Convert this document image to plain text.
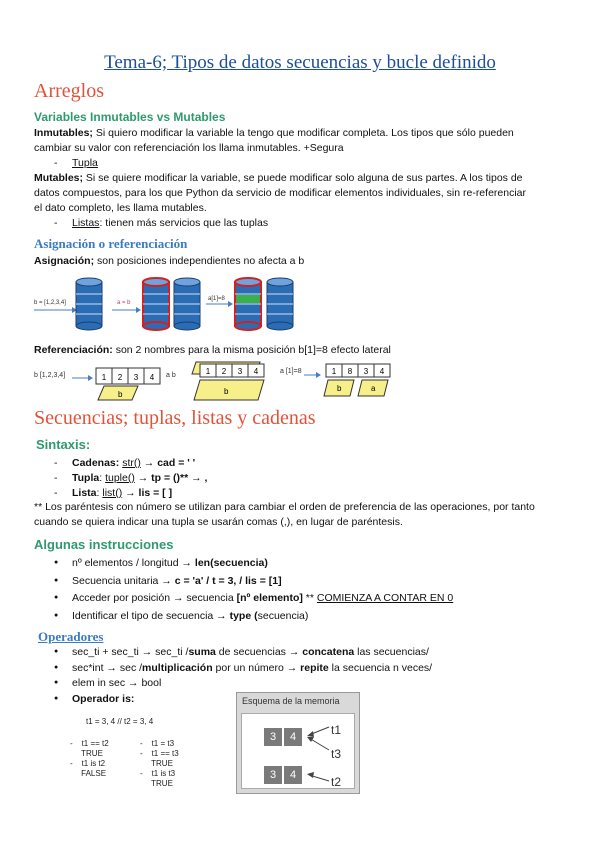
Tema-6; Tipos de datos secuencias y bucle definido
Arreglos
Variables Inmutables vs Mutables
Inmutables; Si quiero modificar la variable la tengo que modificar completa. Los tipos que sólo pueden
cambiar su valor con referenciación los llama inmutables. +Segura
- Tupla
Mutables; Si se quiere modificar la variable, se puede modificar solo alguna de sus partes. A los tipos de
datos compuestos, para los que Python da servicio de modificar elementos individuales, sin re-referenciar
el dato completo, les llama mutables.
- Listas: tienen más servicios que las tuplas
Asignación o referenciación
Asignación; son posiciones independientes no afecta a b
b = [1,2,3,4]	a = b
a[1]=8
Referenciación: son 2 nombres para la misma posición b[1]=8 efecto lateral
b [1,2,3,4]	1 2 3 4
b
a b	1 2 3 4
b
a [1]=8	1 8 3 4
b	a
Secuencias; tuplas, listas y cadenas
Sintaxis:
- Cadenas: str() → cad = ' '
- Tupla: tuple() → tp = ()** → ,
- Lista: list() → lis = [ ]
** Los paréntesis con número se utilizan para cambiar el orden de preferencia de las operaciones, por tanto
cuando se quiera indicar una tupla se usarán comas (,), en lugar de paréntesis.
Algunas instrucciones
● nº elementos / longitud → len(secuencia)
● Secuencia unitaria → c = 'a' / t = 3, / lis = [1]
● Acceder por posición → secuencia [nº elemento] ** COMIENZA A CONTAR EN 0
● Identificar el tipo de secuencia → type (secuencia)
Operadores
● sec_ti + sec_ti → sec_ti /suma de secuencias → concatena las secuencias/
● sec*int → sec /multiplicación por un número → repite la secuencia n veces/
● elem in sec → bool
● Operador is:
t1 = 3, 4 // t2 = 3, 4
-    t1 == t2
TRUE
-    t1 is t2
FALSE
-    t1 = t3
-    t1 == t3
TRUE
-    t1 is t3
TRUE
Esquema de la memoria
3	4
3	4
t1
t3
t2
